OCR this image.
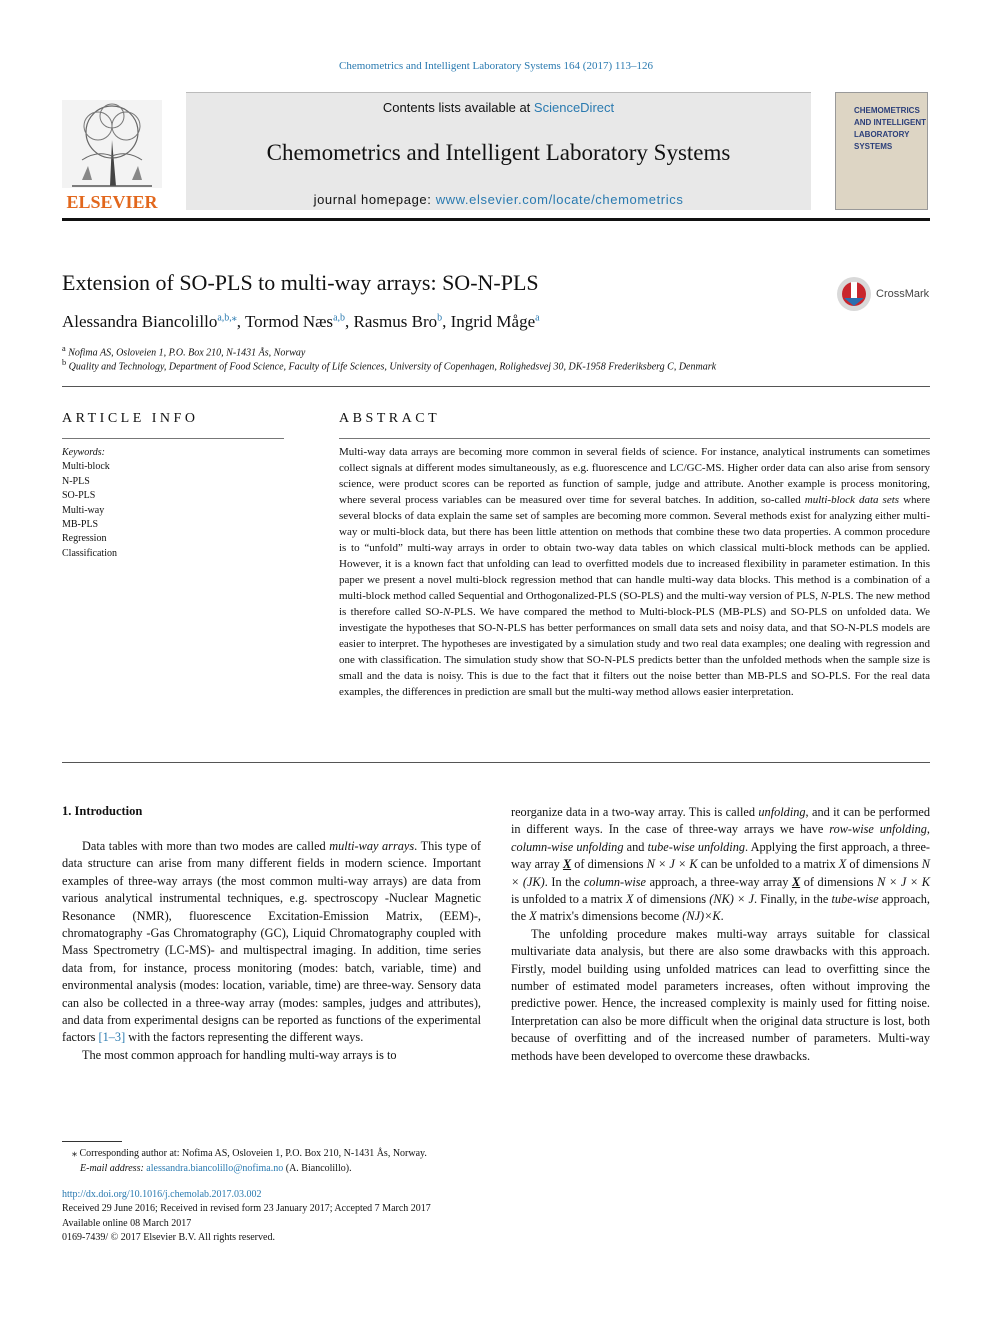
Chemometrics and Intelligent Laboratory Systems 164 (2017) 113–126
ELSEVIER
Contents lists available at ScienceDirect
Chemometrics and Intelligent Laboratory Systems
journal homepage: www.elsevier.com/locate/chemometrics
CHEMOMETRICS
AND INTELLIGENT
LABORATORY
SYSTEMS
Extension of SO-PLS to multi-way arrays: SO-N-PLS	CrossMark
Alessandra Biancolillo$^{a,b,⁎}$, Tormod Næs$^{a,b}$, Rasmus Bro$^b$, Ingrid Måge$^a$
$^a$ Nofima AS, Osloveien 1, P.O. Box 210, N-1431 Ås, Norway
$^b$ Quality and Technology, Department of Food Science, Faculty of Life Sciences, University of Copenhagen, Rolighedsvej 30, DK-1958 Frederiksberg C, Denmark
ARTICLE INFO
Keywords:
Multi-block
N-PLS
SO-PLS
Multi-way
MB-PLS
Regression
Classification
ABSTRACT
Multi-way data arrays are becoming more common in several fields of science. For instance, analytical instruments can sometimes collect signals at different modes simultaneously, as e.g. fluorescence and LC/GC-MS. Higher order data can also arise from sensory science, were product scores can be reported as function of sample, judge and attribute. Another example is process monitoring, where several process variables can be measured over time for several batches. In addition, so-called multi-block data sets where several blocks of data explain the same set of samples are becoming more common. Several methods exist for analyzing either multi-way or multi-block data, but there has been little attention on methods that combine these two data properties. A common procedure is to “unfold” multi-way arrays in order to obtain two-way data tables on which classical multi-block methods can be applied. However, it is a known fact that unfolding can lead to overfitted models due to increased flexibility in parameter estimation. In this paper we present a novel multi-block regression method that can handle multi-way data blocks. This method is a combination of a multi-block method called Sequential and Orthogonalized-PLS (SO-PLS) and the multi-way version of PLS, N-PLS. The new method is therefore called SO-N-PLS. We have compared the method to Multi-block-PLS (MB-PLS) and SO-PLS on unfolded data. We investigate the hypotheses that SO-N-PLS has better performances on small data sets and noisy data, and that SO-N-PLS models are easier to interpret. The hypotheses are investigated by a simulation study and two real data examples; one dealing with regression and one with classification. The simulation study show that SO-N-PLS predicts better than the unfolded methods when the sample size is small and the data is noisy. This is due to the fact that it filters out the noise better than MB-PLS and SO-PLS. For the real data examples, the differences in prediction are small but the multi-way method allows easier interpretation.
1. Introduction

Data tables with more than two modes are called multi-way arrays. This type of data structure can arise from many different fields in modern science. Important examples of three-way arrays (the most common multi-way arrays) are data from various analytical instrumental techniques, e.g. spectroscopy -Nuclear Magnetic Resonance (NMR), fluorescence Excitation-Emission Matrix, (EEM)-, chromatography -Gas Chromatography (GC), Liquid Chromatography coupled with Mass Spectrometry (LC-MS)- and multispectral imaging. In addition, time series data from, for instance, process monitoring (modes: batch, variable, time) and environmental analysis (modes: location, variable, time) are three-way. Sensory data can also be collected in a three-way array (modes: samples, judges and attributes), and data from experimental designs can be reported as functions of the experimental factors [1–3] with the factors representing the different ways.

The most common approach for handling multi-way arrays is to

reorganize data in a two-way array. This is called unfolding, and it can be performed in different ways. In the case of three-way arrays we have row-wise unfolding, column-wise unfolding and tube-wise unfolding. Applying the first approach, a three-way array X of dimensions N × J × K can be unfolded to a matrix X of dimensions N × (JK). In the column-wise approach, a three-way array X of dimensions N × J × K is unfolded to a matrix X of dimensions (NK) × J. Finally, in the tube-wise approach, the X matrix's dimensions become (NJ)×K.

The unfolding procedure makes multi-way arrays suitable for classical multivariate data analysis, but there are also some drawbacks with this approach. Firstly, model building using unfolded matrices can lead to overfitting since the number of estimated model parameters increases, often without improving the predictive power. Hence, the increased complexity is mainly used for fitting noise. Interpretation can also be more difficult when the original data structure is lost, both because of overfitting and of the increased number of parameters. Multi-way methods have been developed to overcome these drawbacks.

⁎ Corresponding author at: Nofima AS, Osloveien 1, P.O. Box 210, N-1431 Ås, Norway.
E-mail address: alessandra.biancolillo@nofima.no (A. Biancolillo).
http://dx.doi.org/10.1016/j.chemolab.2017.03.002
Received 29 June 2016; Received in revised form 23 January 2017; Accepted 7 March 2017
Available online 08 March 2017
0169-7439/ © 2017 Elsevier B.V. All rights reserved.
